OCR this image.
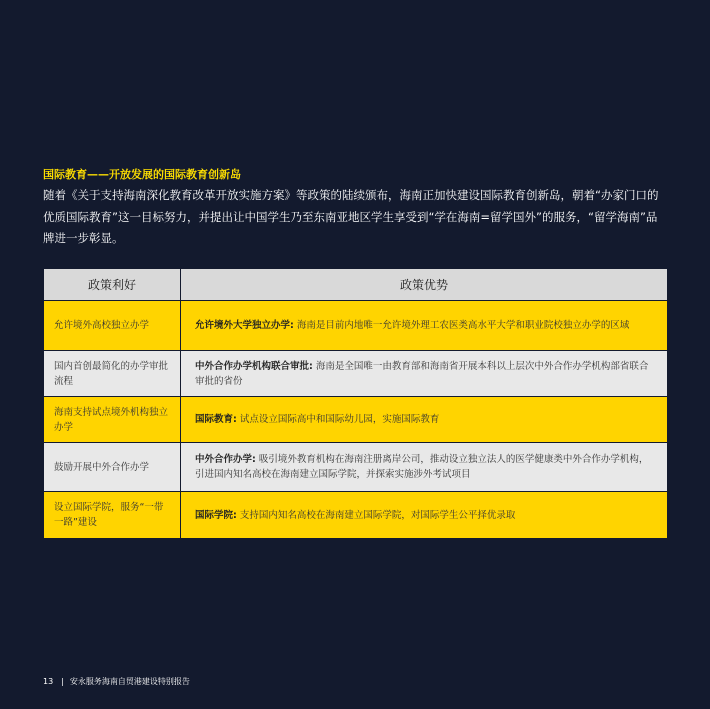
国际教育——开放发展的国际教育创新岛

随着《关于支持海南深化教育改革开放实施方案》等政策的陆续颁布，海南正加快建设国际教育创新岛，朝着“办家门口的优质国际教育”这一目标努力，并提出让中国学生乃至东南亚地区学生享受到“学在海南=留学国外”的服务，“留学海南”品牌进一步彰显。

政策利好	政策优势
允许境外高校独立办学	允许境外大学独立办学: 海南是目前内地唯一允许境外理工农医类高水平大学和职业院校独立办学的区域
国内首创最简化的办学审批流程	中外合作办学机构联合审批: 海南是全国唯一由教育部和海南省开展本科以上层次中外合作办学机构部省联合审批的省份
海南支持试点境外机构独立办学	国际教育: 试点设立国际高中和国际幼儿园，实施国际教育
鼓励开展中外合作办学	中外合作办学: 吸引境外教育机构在海南注册离岸公司，推动设立独立法人的医学健康类中外合作办学机构，引进国内知名高校在海南建立国际学院，并探索实施涉外考试项目
设立国际学院，服务“一带一路”建设	国际学院: 支持国内知名高校在海南建立国际学院，对国际学生公平择优录取
13 | 安永服务海南自贸港建设特别报告
